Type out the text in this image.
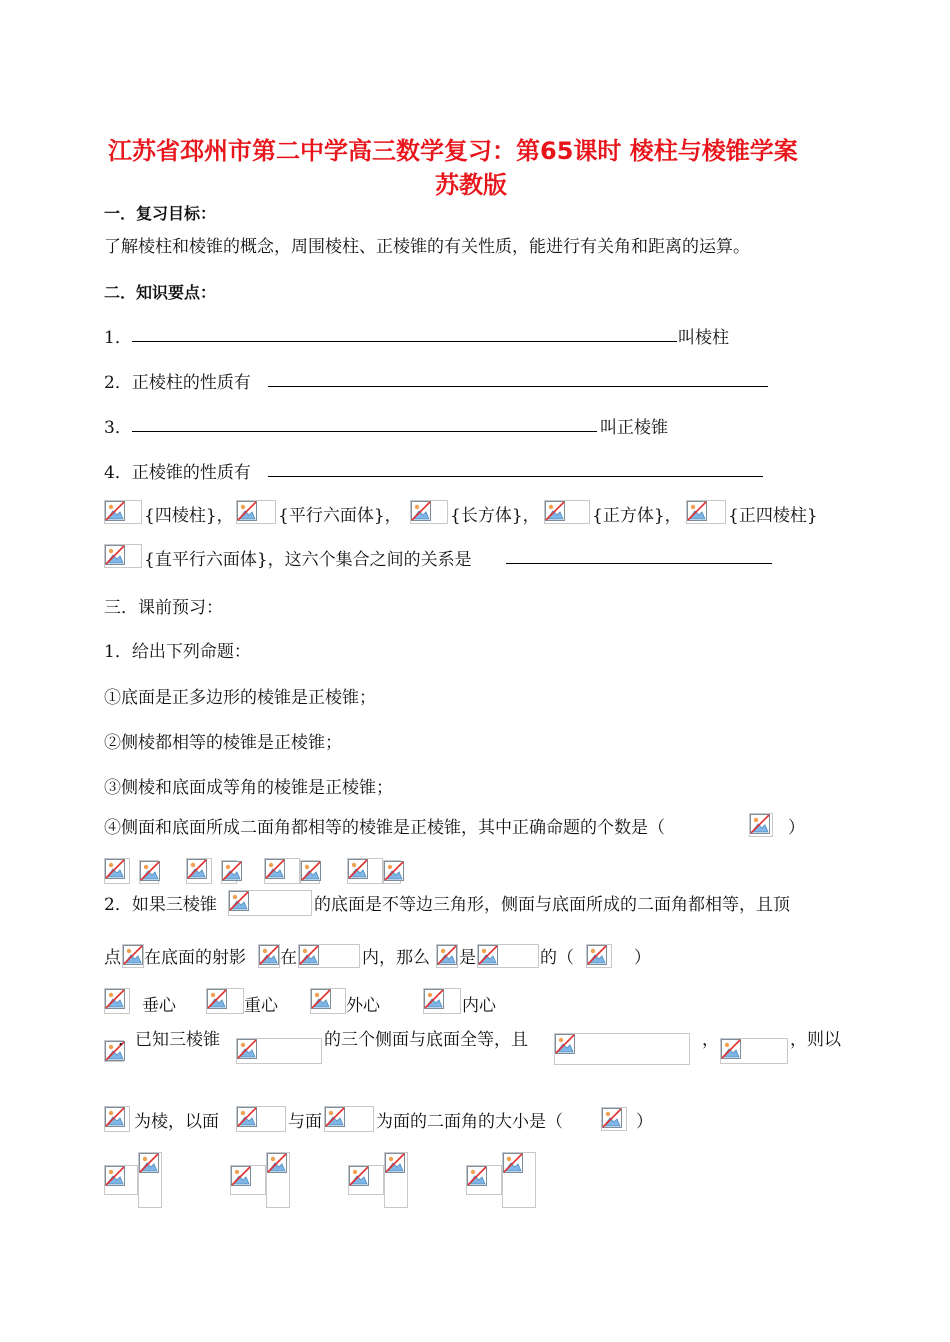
江苏省邳州市第二中学高三数学复习：第65课时 棱柱与棱锥学案
苏教版
一．复习目标：
了解棱柱和棱锥的概念，周围棱柱、正棱锥的有关性质，能进行有关角和距离的运算。
二．知识要点：
1．	叫棱柱
2．正棱柱的性质有
3．	叫正棱锥
4．正棱锥的性质有
{四棱柱}，	{平行六面体}，	{长方体}，	{正方体}，	{正四棱柱}
{直平行六面体}，这六个集合之间的关系是
三．课前预习：
1．给出下列命题：
①底面是正多边形的棱锥是正棱锥；
②侧棱都相等的棱锥是正棱锥；
③侧棱和底面成等角的棱锥是正棱锥；
④侧面和底面所成二面角都相等的棱锥是正棱锥，其中正确命题的个数是（	）
2．如果三棱锥	的底面是不等边三角形，侧面与底面所成的二面角都相等，且顶
点 在底面的射影 在	内，那么 是	的（	）
垂心	重心	外心	内心
．已知三棱锥	的三个侧面与底面全等，且	，	，则以
为棱，以面	与面	为面的二面角的大小是（	）
